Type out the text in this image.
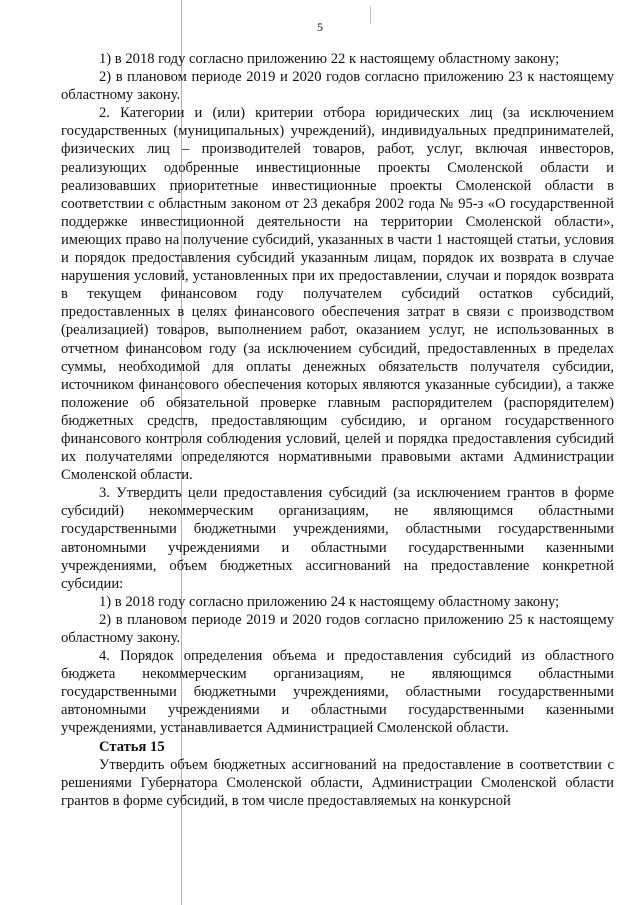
5

1) в 2018 году согласно приложению 22 к настоящему областному закону;

2) в плановом периоде 2019 и 2020 годов согласно приложению 23 к настоящему областному закону.

2. Категории и (или) критерии отбора юридических лиц (за исключением государственных (муниципальных) учреждений), индивидуальных предпринимателей, физических лиц – производителей товаров, работ, услуг, включая инвесторов, реализующих одобренные инвестиционные проекты Смоленской области и реализовавших приоритетные инвестиционные проекты Смоленской области в соответствии с областным законом от 23 декабря 2002 года № 95-з «О государственной поддержке инвестиционной деятельности на территории Смоленской области», имеющих право на получение субсидий, указанных в части 1 настоящей статьи, условия и порядок предоставления субсидий указанным лицам, порядок их возврата в случае нарушения условий, установленных при их предоставлении, случаи и порядок возврата в текущем финансовом году получателем субсидий остатков субсидий, предоставленных в целях финансового обеспечения затрат в связи с производством (реализацией) товаров, выполнением работ, оказанием услуг, не использованных в отчетном финансовом году (за исключением субсидий, предоставленных в пределах суммы, необходимой для оплаты денежных обязательств получателя субсидии, источником финансового обеспечения которых являются указанные субсидии), а также положение об обязательной проверке главным распорядителем (распорядителем) бюджетных средств, предоставляющим субсидию, и органом государственного финансового контроля соблюдения условий, целей и порядка предоставления субсидий их получателями определяются нормативными правовыми актами Администрации Смоленской области.

3. Утвердить цели предоставления субсидий (за исключением грантов в форме субсидий) некоммерческим организациям, не являющимся областными государственными бюджетными учреждениями, областными государственными автономными учреждениями и областными государственными казенными учреждениями, объем бюджетных ассигнований на предоставление конкретной субсидии:

1) в 2018 году согласно приложению 24 к настоящему областному закону;

2) в плановом периоде 2019 и 2020 годов согласно приложению 25 к настоящему областному закону.

4. Порядок определения объема и предоставления субсидий из областного бюджета некоммерческим организациям, не являющимся областными государственными бюджетными учреждениями, областными государственными автономными учреждениями и областными государственными казенными учреждениями, устанавливается Администрацией Смоленской области.

Статья 15

Утвердить объем бюджетных ассигнований на предоставление в соответствии с решениями Губернатора Смоленской области, Администрации Смоленской области грантов в форме субсидий, в том числе предоставляемых на конкурсной
